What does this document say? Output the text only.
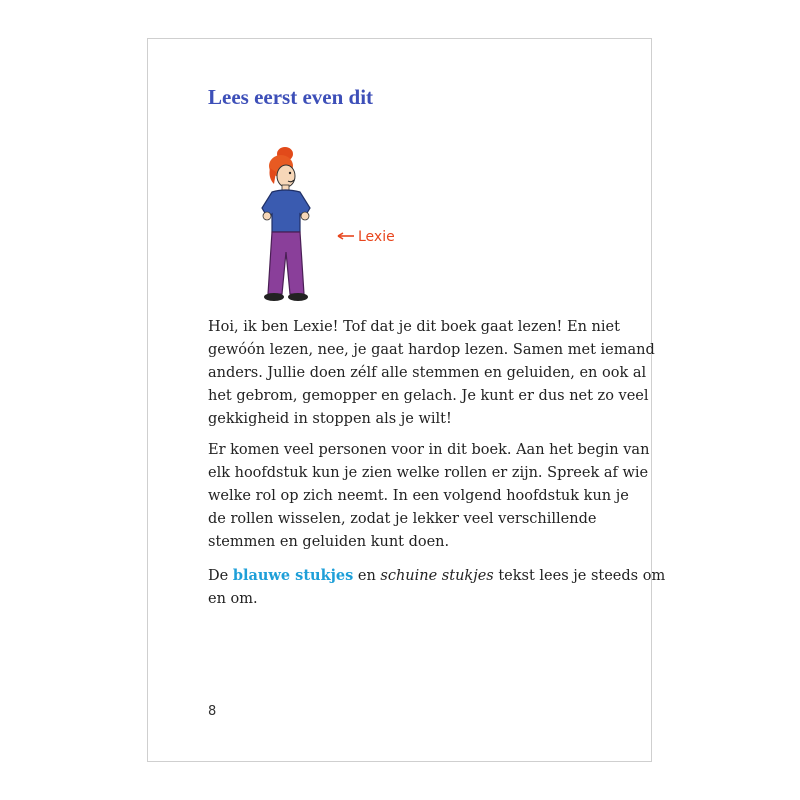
Lees eerst even dit
Lexie
Hoi, ik ben Lexie! Tof dat je dit boek gaat lezen! En niet
gewóón lezen, nee, je gaat hardop lezen. Samen met iemand
anders. Jullie doen zélf alle stemmen en geluiden, en ook al
het gebrom, gemopper en gelach. Je kunt er dus net zo veel
gekkigheid in stoppen als je wilt!
Er komen veel personen voor in dit boek. Aan het begin van
elk hoofdstuk kun je zien welke rollen er zijn. Spreek af wie
welke rol op zich neemt. In een volgend hoofdstuk kun je
de rollen wisselen, zodat je lekker veel verschillende
stemmen en geluiden kunt doen.
De blauwe stukjes en schuine stukjes tekst lees je steeds om
en om.
8
